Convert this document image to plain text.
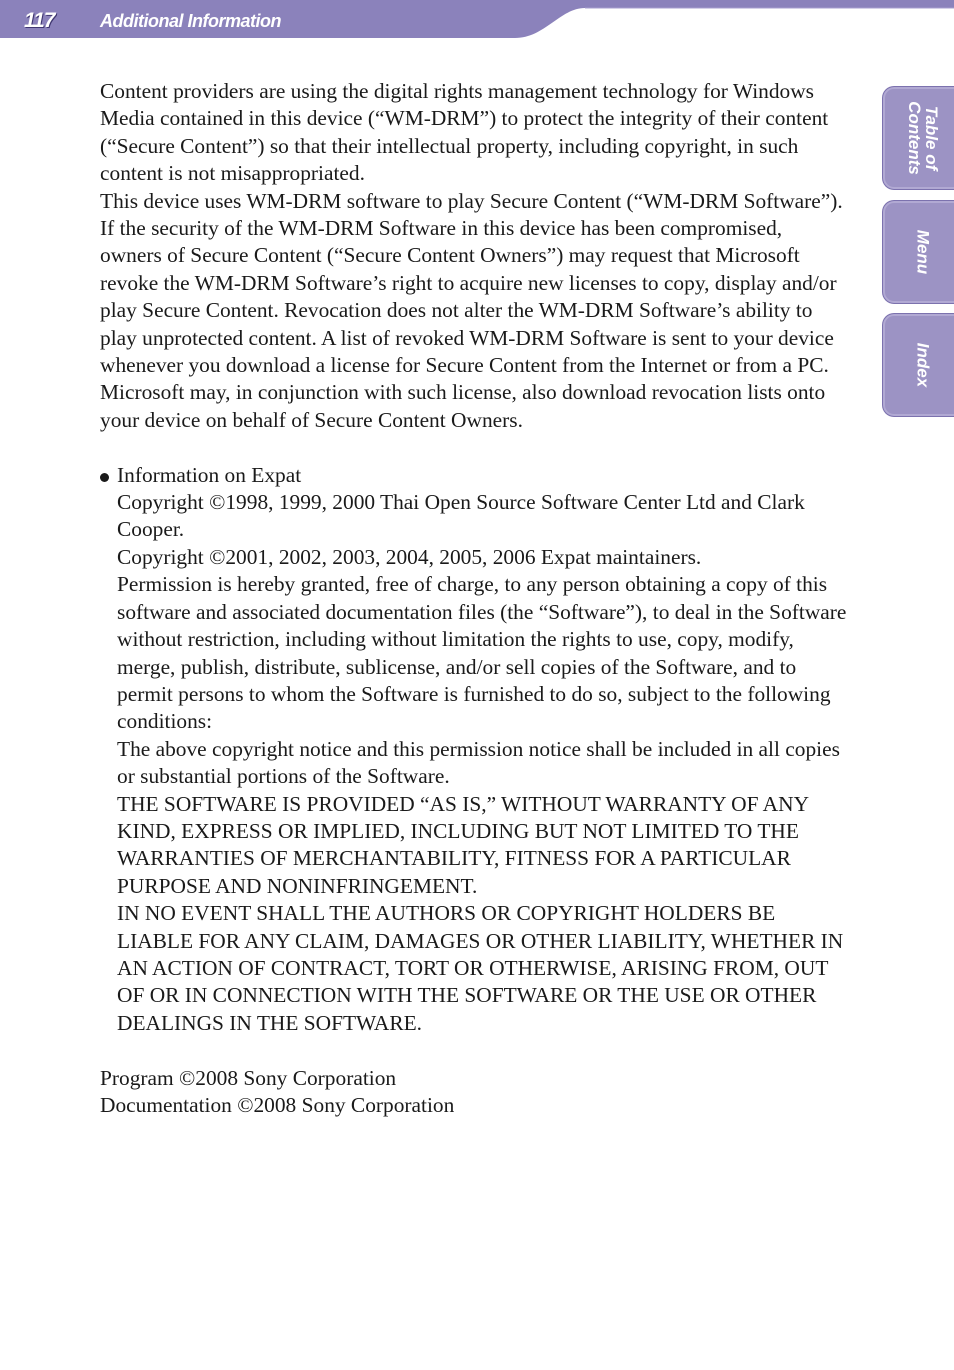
117	Additional Information
Table of
Contents
Menu
Index

Content providers are using the digital rights management technology for Windows Media contained in this device (“WM-DRM”) to protect the integrity of their content (“Secure Content”) so that their intellectual property, including copyright, in such content is not misappropriated.

This device uses WM-DRM software to play Secure Content (“WM-DRM Software”). If the security of the WM-DRM Software in this device has been compromised, owners of Secure Content (“Secure Content Owners”) may request that Microsoft revoke the WM-DRM Software’s right to acquire new licenses to copy, display and/or play Secure Content. Revocation does not alter the WM-DRM Software’s ability to play unprotected content. A list of revoked WM-DRM Software is sent to your device whenever you download a license for Secure Content from the Internet or from a PC. Microsoft may, in conjunction with such license, also download revocation lists onto your device on behalf of Secure Content Owners.

Information on Expat

Copyright ©1998, 1999, 2000 Thai Open Source Software Center Ltd and Clark Cooper.

Copyright ©2001, 2002, 2003, 2004, 2005, 2006 Expat maintainers.

Permission is hereby granted, free of charge, to any person obtaining a copy of this software and associated documentation files (the “Software”), to deal in the Software without restriction, including without limitation the rights to use, copy, modify, merge, publish, distribute, sublicense, and/or sell copies of the Software, and to permit persons to whom the Software is furnished to do so, subject to the following conditions:

The above copyright notice and this permission notice shall be included in all copies or substantial portions of the Software.

THE SOFTWARE IS PROVIDED “AS IS,” WITHOUT WARRANTY OF ANY KIND, EXPRESS OR IMPLIED, INCLUDING BUT NOT LIMITED TO THE WARRANTIES OF MERCHANTABILITY, FITNESS FOR A PARTICULAR PURPOSE AND NONINFRINGEMENT.

IN NO EVENT SHALL THE AUTHORS OR COPYRIGHT HOLDERS BE LIABLE FOR ANY CLAIM, DAMAGES OR OTHER LIABILITY, WHETHER IN AN ACTION OF CONTRACT, TORT OR OTHERWISE, ARISING FROM, OUT OF OR IN CONNECTION WITH THE SOFTWARE OR THE USE OR OTHER DEALINGS IN THE SOFTWARE.

Program ©2008 Sony Corporation

Documentation ©2008 Sony Corporation
